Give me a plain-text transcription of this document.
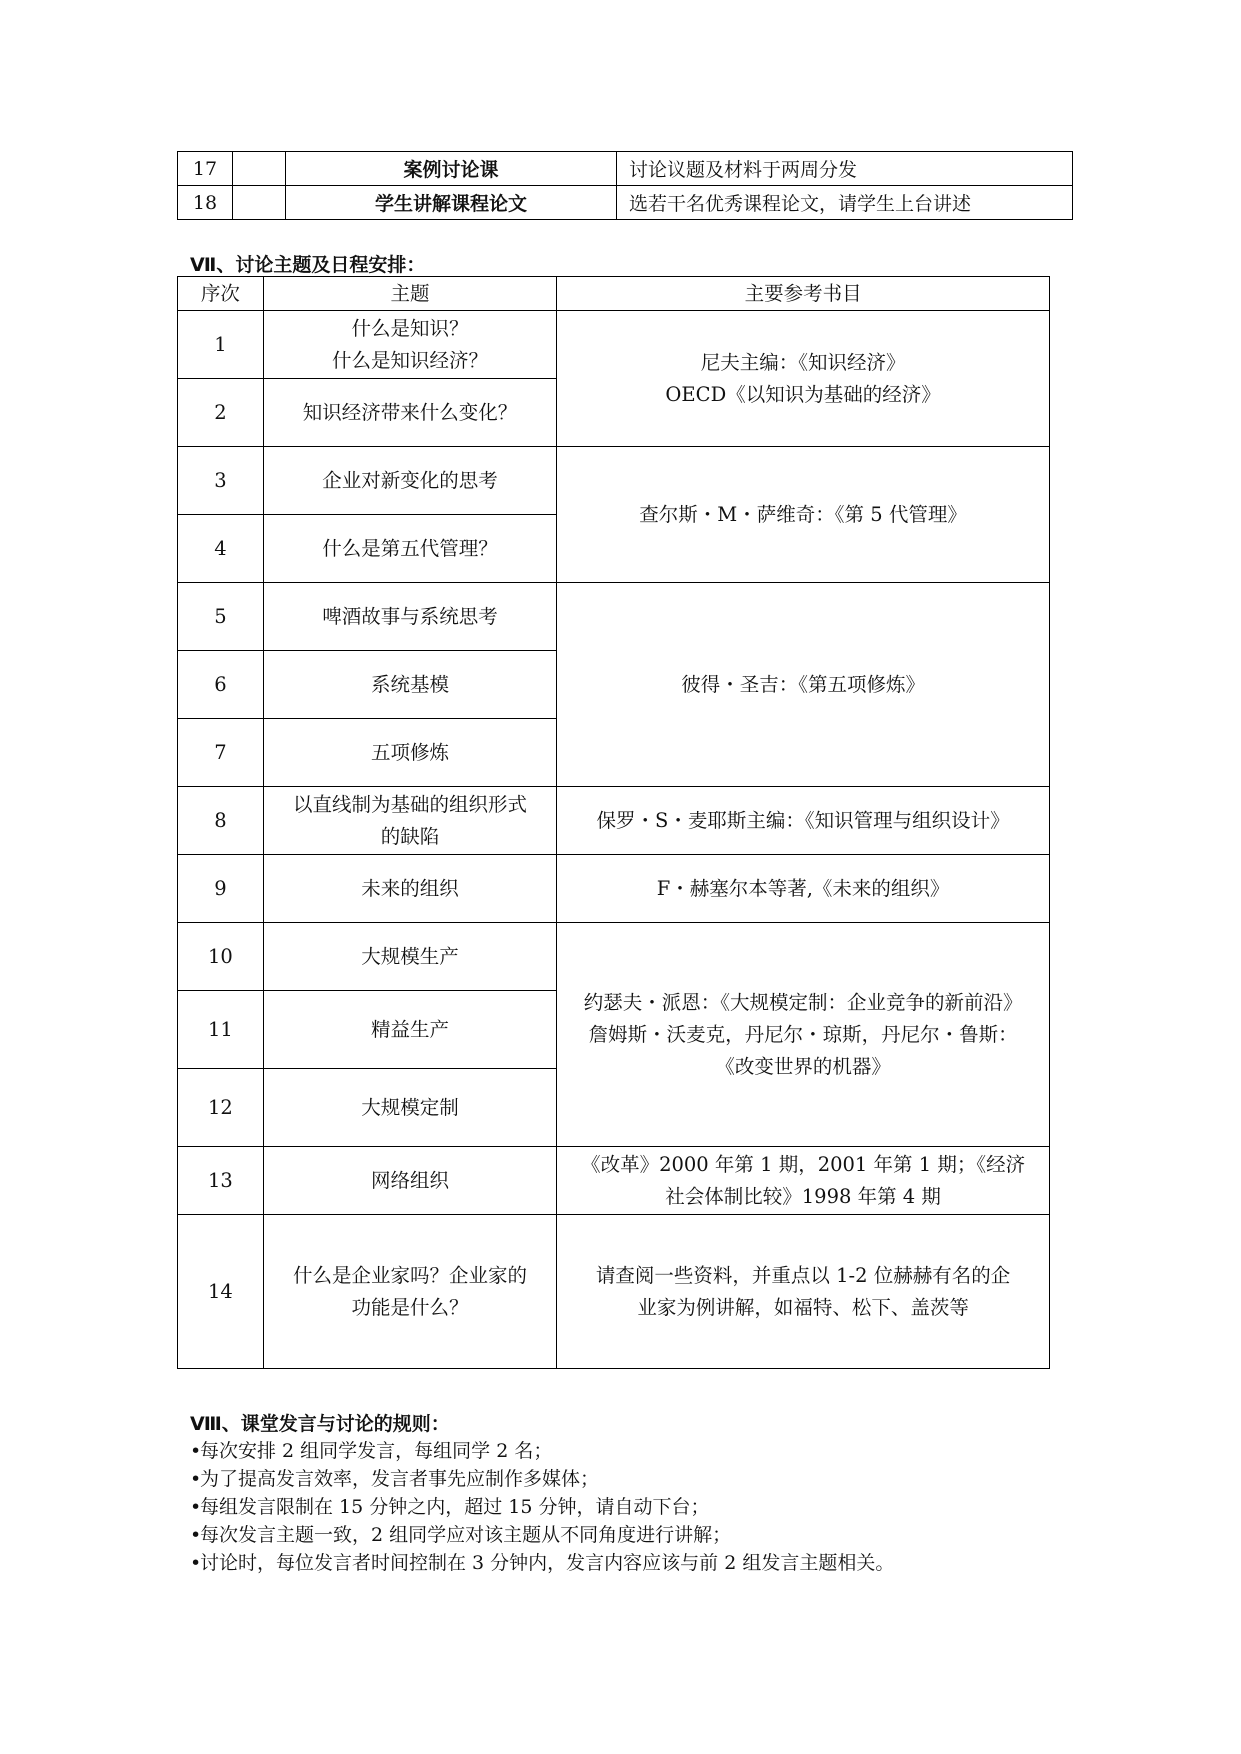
17		案例讨论课	讨论议题及材料于两周分发
18		学生讲解课程论文	选若干名优秀课程论文，请学生上台讲述

Ⅶ、讨论主题及日程安排：

序次	主题	主要参考书目
1	什么是知识？
什么是知识经济？	尼夫主编：《知识经济》
OECD《以知识为基础的经济》

2	知识经济带来什么变化？	
3	企业对新变化的思考	查尔斯・M・萨维奇：《第 5 代管理》

4	什么是第五代管理？	
5	啤酒故事与系统思考	彼得・圣吉：《第五项修炼》

6	系统基模	
7	五项修炼	
8	以直线制为基础的组织形式
的缺陷	保罗・S・麦耶斯主编：《知识管理与组织设计》

9	未来的组织	F・赫塞尔本等著,《未来的组织》

10	大规模生产	约瑟夫・派恩：《大规模定制：企业竞争的新前沿》
詹姆斯・沃麦克，丹尼尔・琼斯，丹尼尔・鲁斯：
《改变世界的机器》

11	精益生产	
12	大规模定制	
13	网络组织	《改革》2000 年第 1 期，2001 年第 1 期；《经济
社会体制比较》1998 年第 4 期

14	什么是企业家吗？企业家的
功能是什么？	请查阅一些资料，并重点以 1-2 位赫赫有名的企
业家为例讲解，如福特、松下、盖茨等

Ⅷ、课堂发言与讨论的规则：

•每次安排 2 组同学发言，每组同学 2 名；
•为了提高发言效率，发言者事先应制作多媒体；
•每组发言限制在 15 分钟之内，超过 15 分钟，请自动下台；
•每次发言主题一致，2 组同学应对该主题从不同角度进行讲解；
•讨论时，每位发言者时间控制在 3 分钟内，发言内容应该与前 2 组发言主题相关。
